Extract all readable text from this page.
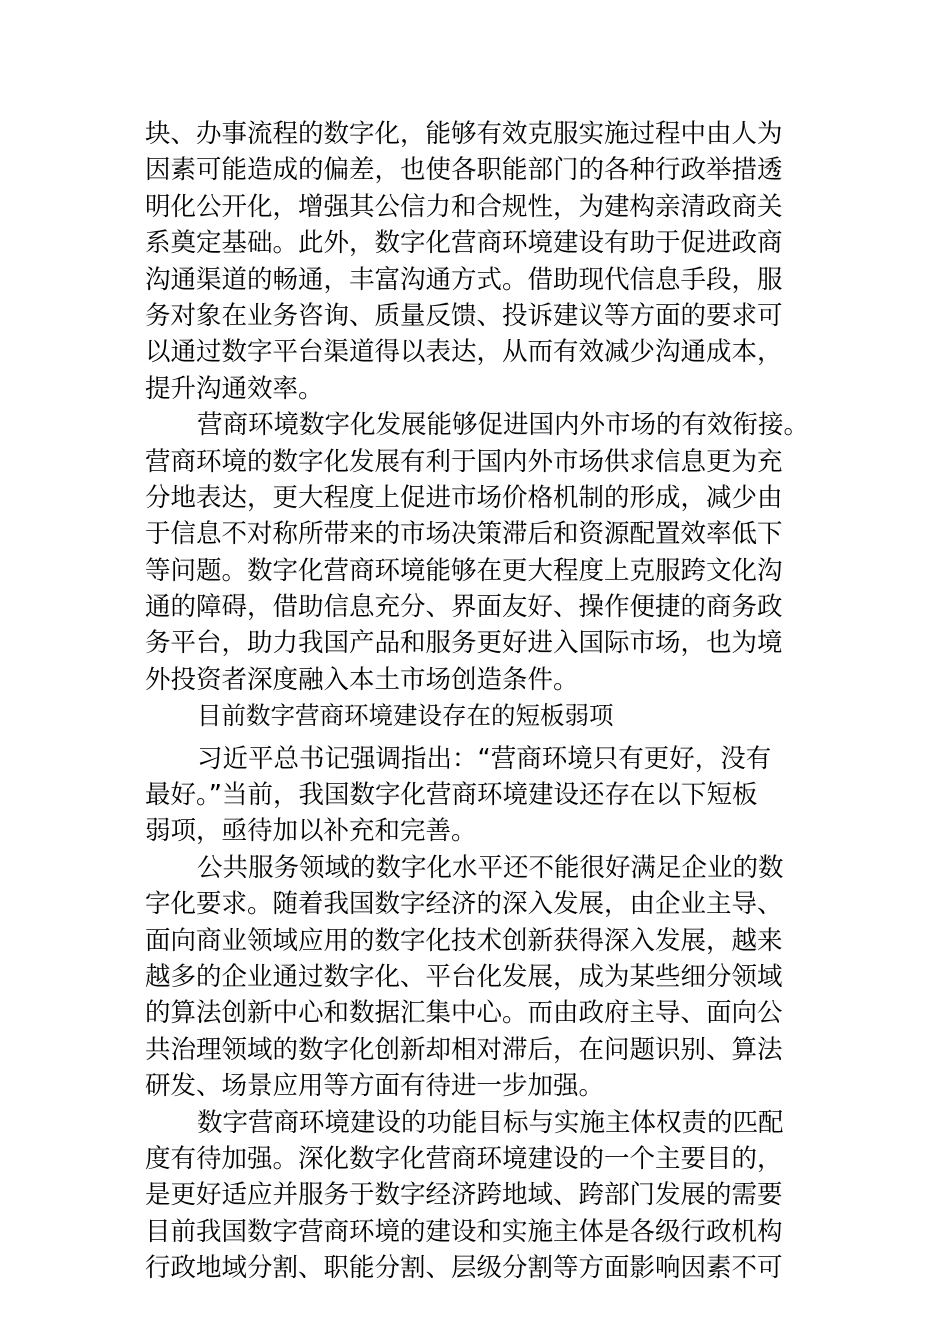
块、办事流程的数字化，能够有效克服实施过程中由人为
因素可能造成的偏差，也使各职能部门的各种行政举措透
明化公开化，增强其公信力和合规性，为建构亲清政商关
系奠定基础。此外，数字化营商环境建设有助于促进政商
沟通渠道的畅通，丰富沟通方式。借助现代信息手段，服
务对象在业务咨询、质量反馈、投诉建议等方面的要求可
以通过数字平台渠道得以表达，从而有效减少沟通成本，
提升沟通效率。
营商环境数字化发展能够促进国内外市场的有效衔接。
营商环境的数字化发展有利于国内外市场供求信息更为充
分地表达，更大程度上促进市场价格机制的形成，减少由
于信息不对称所带来的市场决策滞后和资源配置效率低下
等问题。数字化营商环境能够在更大程度上克服跨文化沟
通的障碍，借助信息充分、界面友好、操作便捷的商务政
务平台，助力我国产品和服务更好进入国际市场，也为境
外投资者深度融入本土市场创造条件。
目前数字营商环境建设存在的短板弱项
习近平总书记强调指出：“营商环境只有更好，没有
最好。”当前，我国数字化营商环境建设还存在以下短板
弱项，亟待加以补充和完善。
公共服务领域的数字化水平还不能很好满足企业的数
字化要求。随着我国数字经济的深入发展，由企业主导、
面向商业领域应用的数字化技术创新获得深入发展，越来
越多的企业通过数字化、平台化发展，成为某些细分领域
的算法创新中心和数据汇集中心。而由政府主导、面向公
共治理领域的数字化创新却相对滞后，在问题识别、算法
研发、场景应用等方面有待进一步加强。
数字营商环境建设的功能目标与实施主体权责的匹配
度有待加强。深化数字化营商环境建设的一个主要目的，
是更好适应并服务于数字经济跨地域、跨部门发展的需要
目前我国数字营商环境的建设和实施主体是各级行政机构
行政地域分割、职能分割、层级分割等方面影响因素不可
